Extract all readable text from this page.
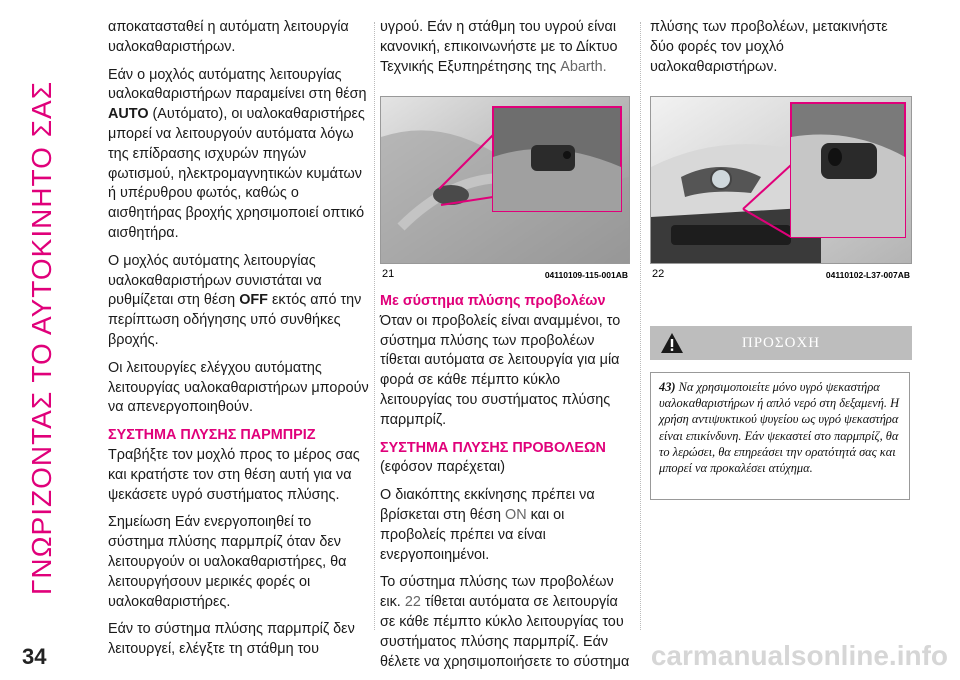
ΓΝΩΡΙΖΟΝΤΑΣ ΤΟ ΑΥΤΟΚΙΝΗΤΟ ΣΑΣ
34

αποκατασταθεί η αυτόματη λειτουργία υαλοκαθαριστήρων.

Εάν ο μοχλός αυτόματης λειτουργίας υαλοκαθαριστήρων παραμείνει στη θέση AUTO (Αυτόματο), οι υαλοκαθαριστήρες μπορεί να λειτουργούν αυτόματα λόγω της επίδρασης ισχυρών πηγών φωτισμού, ηλεκτρομαγνητικών κυμάτων ή υπέρυθρου φωτός, καθώς ο αισθητήρας βροχής χρησιμοποιεί οπτικό αισθητήρα.

Ο μοχλός αυτόματης λειτουργίας υαλοκαθαριστήρων συνιστάται να ρυθμίζεται στη θέση OFF εκτός από την περίπτωση οδήγησης υπό συνθήκες βροχής.

Οι λειτουργίες ελέγχου αυτόματης λειτουργίας υαλοκαθαριστήρων μπορούν να απενεργοποιηθούν.

ΣΥΣΤΗΜΑ ΠΛΥΣΗΣ ΠΑΡΜΠΡΙΖ

Τραβήξτε τον μοχλό προς το μέρος σας και κρατήστε τον στη θέση αυτή για να ψεκάσετε υγρό συστήματος πλύσης.

Σημείωση Εάν ενεργοποιηθεί το σύστημα πλύσης παρμπρίζ όταν δεν λειτουργούν οι υαλοκαθαριστήρες, θα λειτουργήσουν μερικές φορές οι υαλοκαθαριστήρες.

Εάν το σύστημα πλύσης παρμπρίζ δεν λειτουργεί, ελέγξτε τη στάθμη του

υγρού. Εάν η στάθμη του υγρού είναι κανονική, επικοινωνήστε με το Δίκτυο Τεχνικής Εξυπηρέτησης της Abarth.

21	04110109-115-001AB

Με σύστημα πλύσης προβολέων

Όταν οι προβολείς είναι αναμμένοι, το σύστημα πλύσης των προβολέων τίθεται αυτόματα σε λειτουργία για μία φορά σε κάθε πέμπτο κύκλο λειτουργίας του συστήματος πλύσης παρμπρίζ.

ΣΥΣΤΗΜΑ ΠΛΥΣΗΣ ΠΡΟΒΟΛΕΩΝ

(εφόσον παρέχεται)

Ο διακόπτης εκκίνησης πρέπει να βρίσκεται στη θέση ON και οι προβολείς πρέπει να είναι ενεργοποιημένοι.

Το σύστημα πλύσης των προβολέων εικ. 22 τίθεται αυτόματα σε λειτουργία σε κάθε πέμπτο κύκλο λειτουργίας του συστήματος πλύσης παρμπρίζ. Εάν θέλετε να χρησιμοποιήσετε το σύστημα

πλύσης των προβολέων, μετακινήστε δύο φορές τον μοχλό υαλοκαθαριστήρων.

22	04110102-L37-007AB
ΠΡΟΣΟΧΗ
43) Να χρησιμοποιείτε μόνο υγρό ψεκαστήρα υαλοκαθαριστήρων ή απλό νερό στη δεξαμενή. Η χρήση αντιψυκτικού ψυγείου ως υγρό ψεκαστήρα είναι επικίνδυνη. Εάν ψεκαστεί στο παρμπρίζ, θα το λερώσει, θα επηρεάσει την ορατότητά σας και μπορεί να προκαλέσει ατύχημα.
carmanualsonline.info
